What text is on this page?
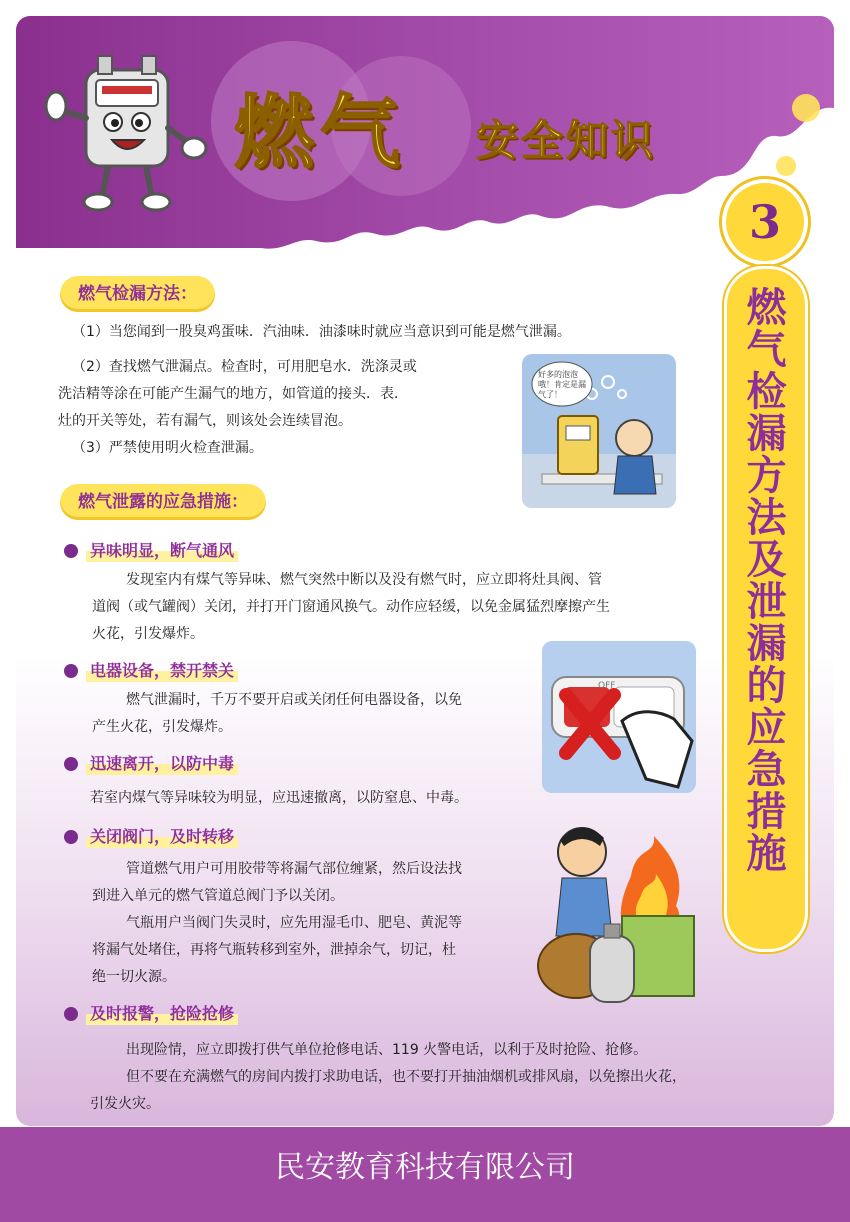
燃气 安全知识
3
燃气检漏方法及泄漏的应急措施
燃气检漏方法：
（1）当您闻到一股臭鸡蛋味．汽油味．油漆味时就应当意识到可能是燃气泄漏。
（2）查找燃气泄漏点。检查时，可用肥皂水．洗涤灵或
洗洁精等涂在可能产生漏气的地方，如管道的接头．表．
灶的开关等处，若有漏气，则该处会连续冒泡。
（3）严禁使用明火检查泄漏。
好多的泡泡哦！肯定是漏气了！
燃气泄露的应急措施：
异味明显，断气通风
发现室内有煤气等异味、燃气突然中断以及没有燃气时，应立即将灶具阀、管
道阀（或气罐阀）关闭，并打开门窗通风换气。动作应轻缓，以免金属猛烈摩擦产生
火花，引发爆炸。
电器设备，禁开禁关
燃气泄漏时，千万不要开启或关闭任何电器设备，以免
产生火花，引发爆炸。
OFF
迅速离开，以防中毒
若室内煤气等异味较为明显，应迅速撤离，以防窒息、中毒。
关闭阀门，及时转移
管道燃气用户可用胶带等将漏气部位缠紧，然后设法找
到进入单元的燃气管道总阀门予以关闭。
气瓶用户当阀门失灵时，应先用湿毛巾、肥皂、黄泥等
将漏气处堵住，再将气瓶转移到室外，泄掉余气，切记，杜
绝一切火源。
及时报警，抢险抢修
出现险情，应立即拨打供气单位抢修电话、119 火警电话，以利于及时抢险、抢修。
但不要在充满燃气的房间内拨打求助电话，也不要打开抽油烟机或排风扇，以免擦出火花，
引发火灾。
民安教育科技有限公司
